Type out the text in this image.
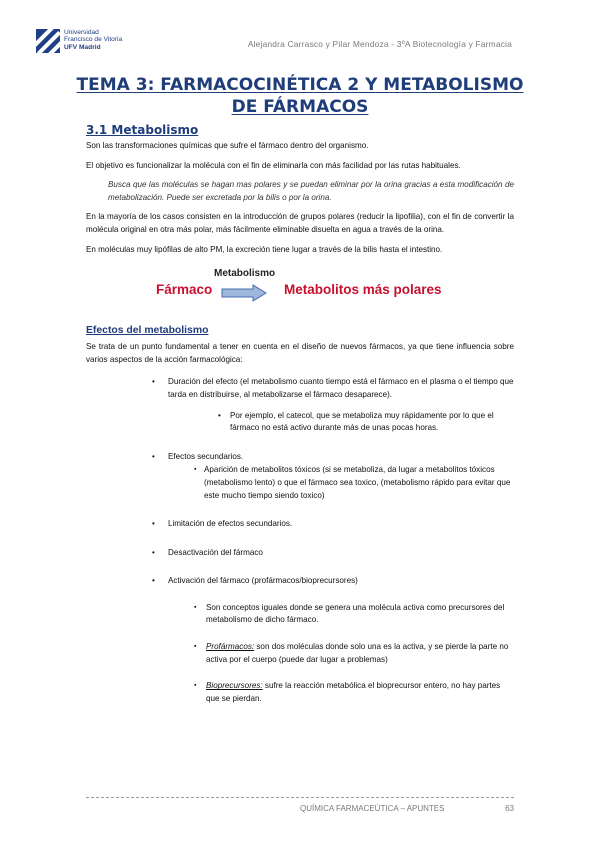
Universidad
Francisco de Vitoria
UFV Madrid	Alejandra Carrasco y Pilar Mendoza - 3ºA Biotecnología y Farmacia
TEMA 3: FARMACOCINÉTICA 2 Y METABOLISMO
DE FÁRMACOS
3.1 Metabolismo

Son las transformaciones químicas que sufre el fármaco dentro del organismo.

El objetivo es funcionalizar la molécula con el fin de eliminarla con más facilidad por las rutas habituales.

Busca que las moléculas se hagan mas polares y se puedan eliminar por la orina gracias a esta modificación de metabolización. Puede ser excretada por la bilis o por la orina.

En la mayoría de los casos consisten en la introducción de grupos polares (reducir la lipofilia), con el fin de convertir la molécula original en otra más polar, más fácilmente eliminable disuelta en agua a través de la orina.

En moléculas muy lipófilas de alto PM, la excreción tiene lugar a través de la bilis hasta el intestino.

Metabolismo
Fármaco	Metabolitos más polares
Efectos del metabolismo

Se trata de un punto fundamental a tener en cuenta en el diseño de nuevos fármacos, ya que tiene influencia sobre varios aspectos de la acción farmacológica:

• Duración del efecto (el metabolismo cuanto tiempo está el fármaco en el plasma o el tiempo que tarda en distribuirse, al metabolizarse el fármaco desaparece).
• Por ejemplo, el catecol, que se metaboliza muy rápidamente por lo que el fármaco no está activo durante más de unas pocas horas.
• Efectos secundarios.
▪ Aparición de metabolitos tóxicos (si se metaboliza, da lugar a metabolitos tóxicos (metabolismo lento) o que el fármaco sea toxico, (metabolismo rápido para evitar que este mucho tiempo siendo toxico)
• Limitación de efectos secundarios.
• Desactivación del fármaco
• Activación del fármaco (profármacos/bioprecursores)
▪ Son conceptos iguales donde se genera una molécula activa como precursores del metabolismo de dicho fármaco.
▪ Profármacos: son dos moléculas donde solo una es la activa, y se pierde la parte no activa por el cuerpo (puede dar lugar a problemas)
▪ Bioprecursores: sufre la reacción metabólica el bioprecursor entero, no hay partes que se pierdan.
QUÍMICA FARMACEÚTICA – APUNTES	63
